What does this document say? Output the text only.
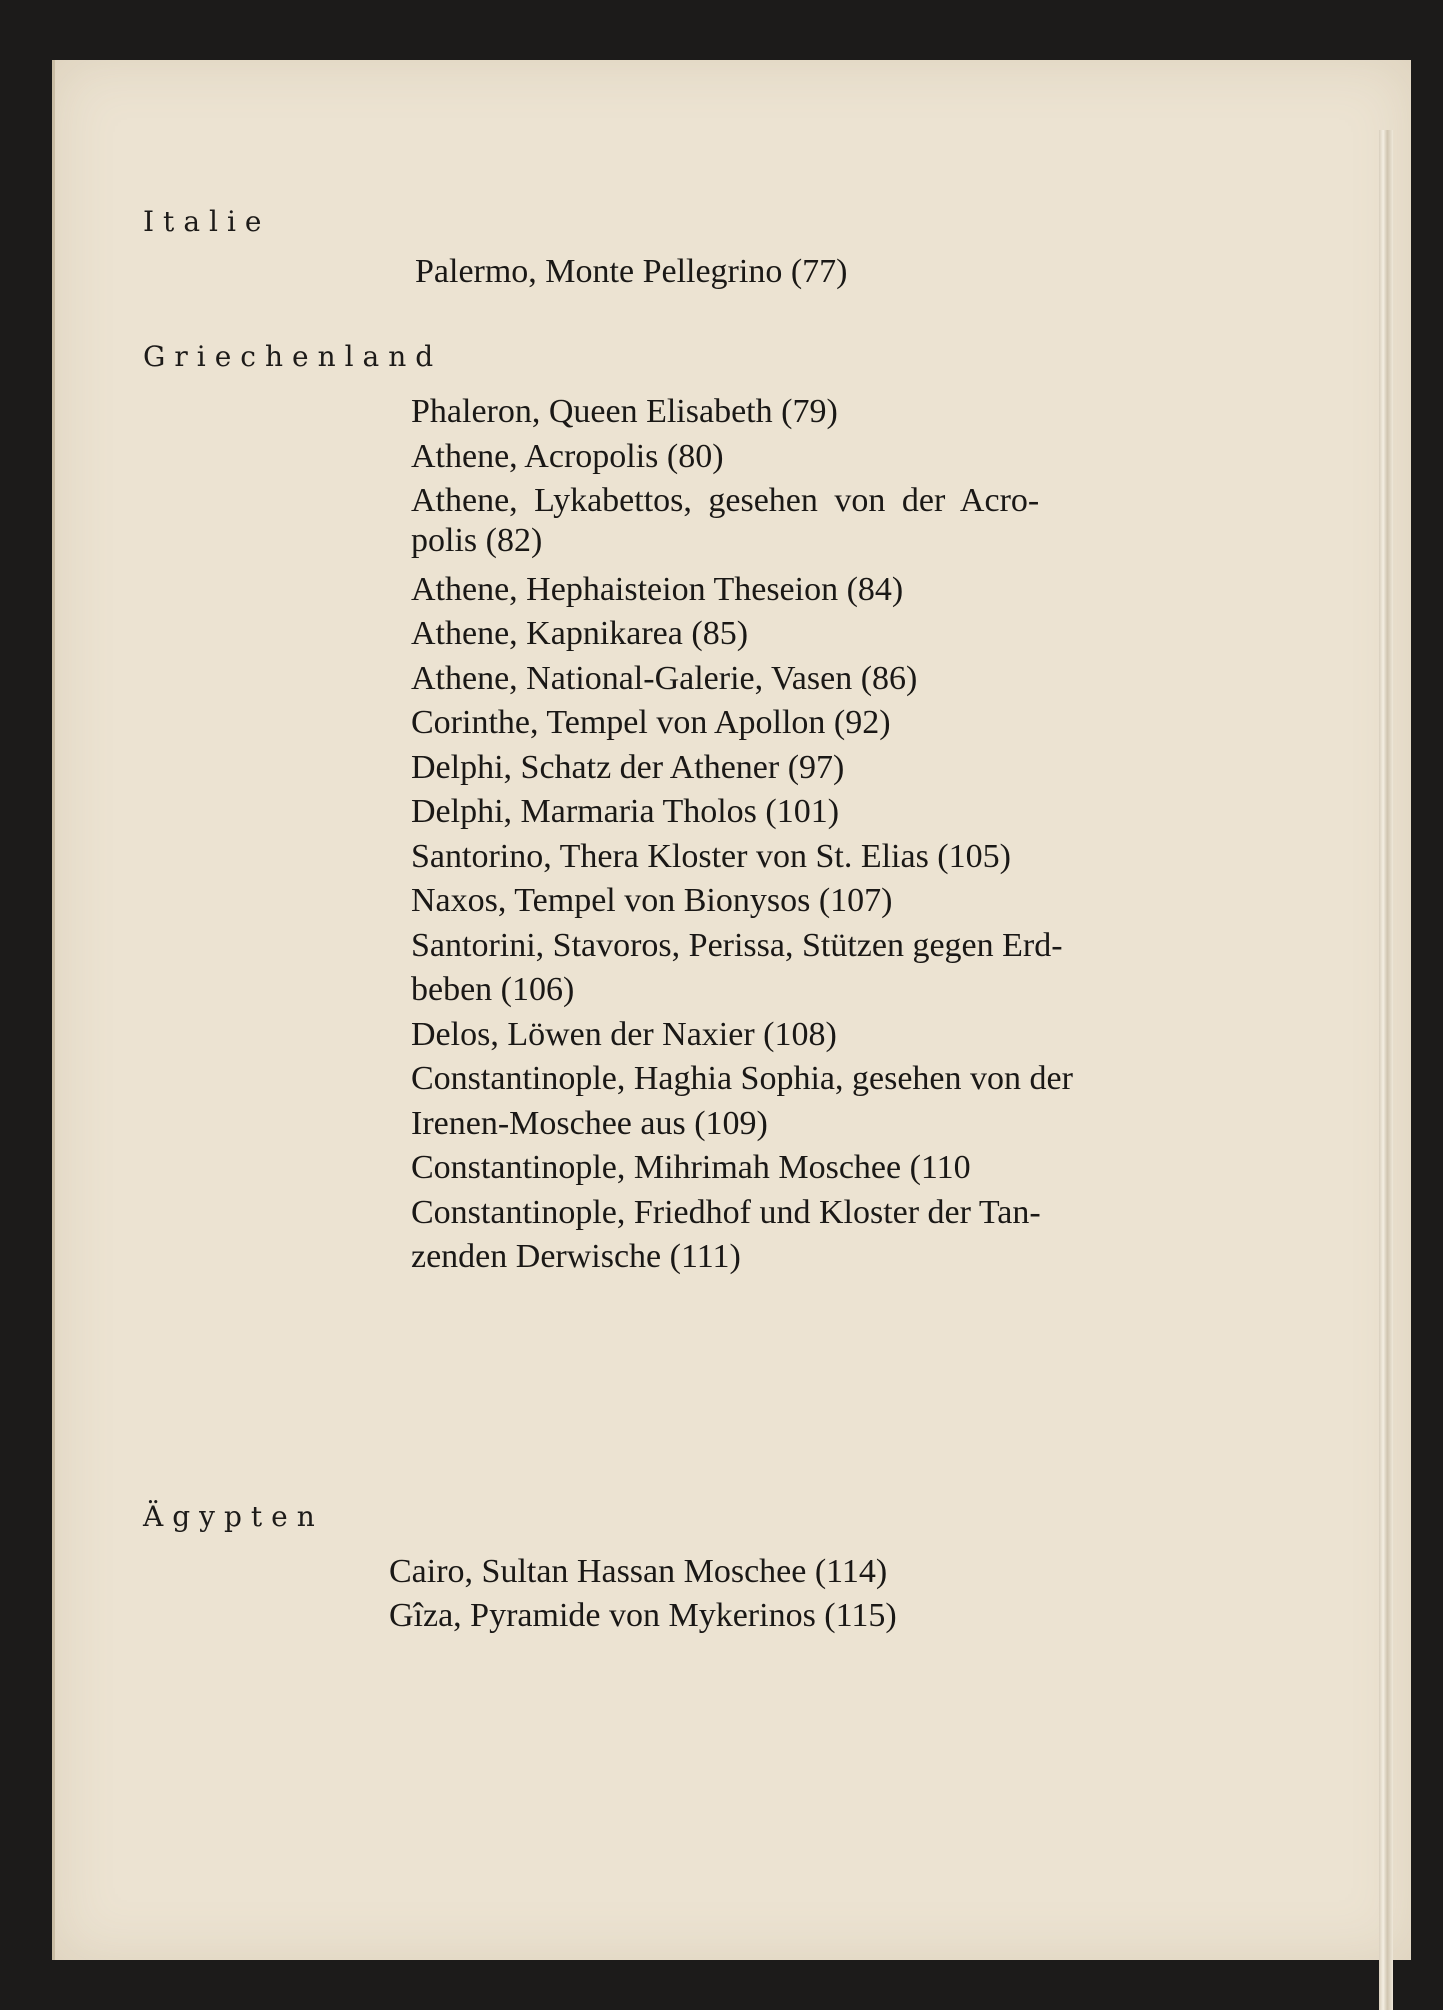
Italie

Palermo, Monte Pellegrino (77)

Griechenland

Phaleron, Queen Elisabeth (79)

Athene, Acropolis (80)

Athene, Lykabettos, gesehen von der Acro-

polis (82)

Athene, Hephaisteion Theseion (84)

Athene, Kapnikarea (85)

Athene, National-Galerie, Vasen (86)

Corinthe, Tempel von Apollon (92)

Delphi, Schatz der Athener (97)

Delphi, Marmaria Tholos (101)

Santorino, Thera Kloster von St. Elias (105)

Naxos, Tempel von Bionysos (107)

Santorini, Stavoros, Perissa, Stützen gegen Erd-

beben (106)

Delos, Löwen der Naxier (108)

Constantinople, Haghia Sophia, gesehen von der

Irenen-Moschee aus (109)

Constantinople, Mihrimah Moschee (110

Constantinople, Friedhof und Kloster der Tan-

zenden Derwische (111)

Ägypten

Cairo, Sultan Hassan Moschee (114)

Gîza, Pyramide von Mykerinos (115)
